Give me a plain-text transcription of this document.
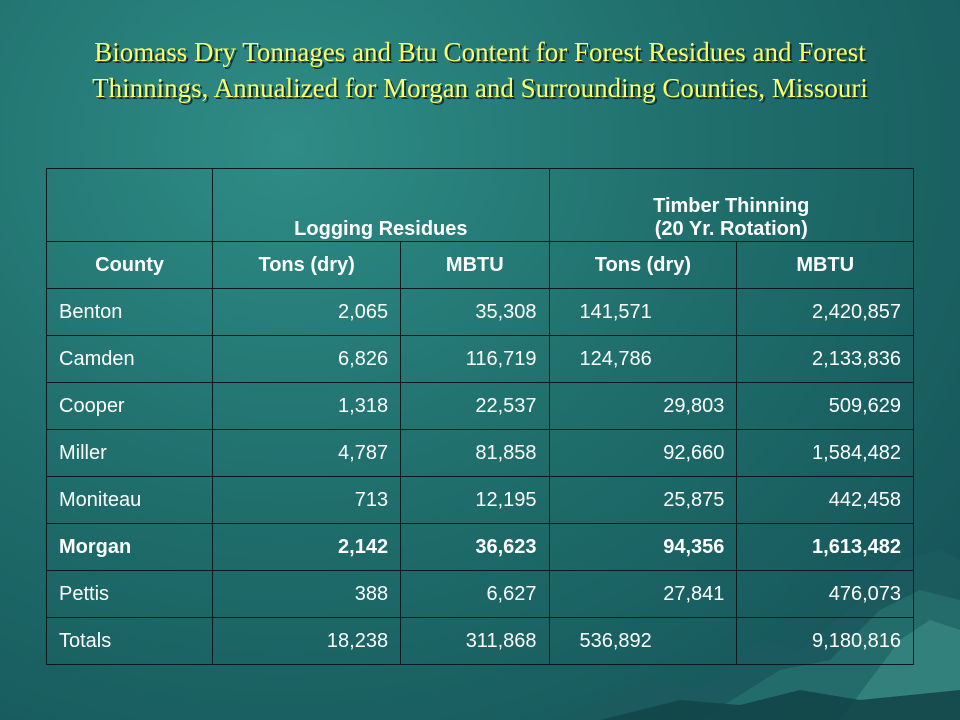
Biomass Dry Tonnages and Btu Content for Forest Residues and Forest Thinnings, Annualized for Morgan and Surrounding Counties, Missouri

	Logging Residues		Timber Thinning
(20 Yr. Rotation)	

County	Tons (dry)	MBTU	Tons (dry)	MBTU
Benton	2,065	35,308	141,571	2,420,857
Camden	6,826	116,719	124,786	2,133,836
Cooper	1,318	22,537	29,803	509,629
Miller	4,787	81,858	92,660	1,584,482
Moniteau	713	12,195	25,875	442,458
Morgan	2,142	36,623	94,356	1,613,482
Pettis	388	6,627	27,841	476,073
Totals	18,238	311,868	536,892	9,180,816
